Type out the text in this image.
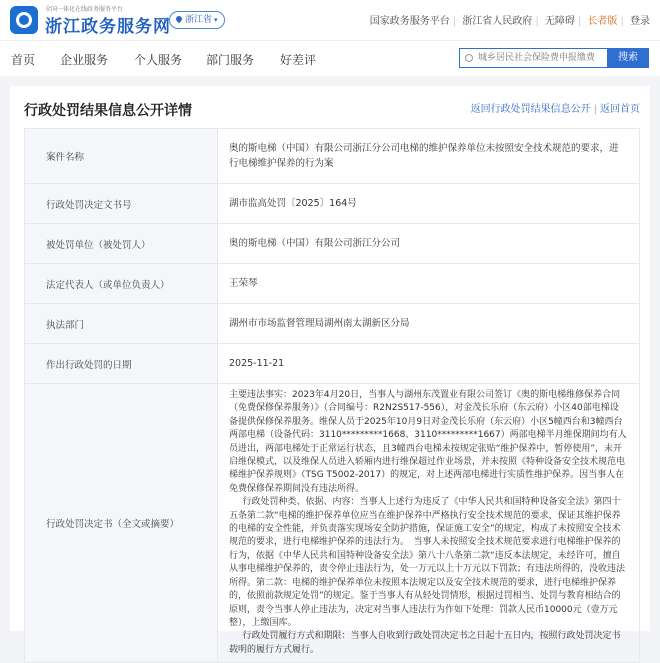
全国一体化在线政务服务平台
浙江政务服务网	浙江省 ▾	国家政务服务平台 | 浙江省人民政府 | 无障碍 | 长者版 | 登录
首页 企业服务 个人服务 部门服务 好差评
城乡居民社会保险费申报缴费	搜索
行政处罚结果信息公开详情	返回行政处罚结果信息公开 | 返回首页
案件名称	奥的斯电梯（中国）有限公司浙江分公司电梯的维护保养单位未按照安全技术规范的要求，进行电梯维护保养的行为案
行政处罚决定文书号	湖市监高处罚〔2025〕164号
被处罚单位（被处罚人）	奥的斯电梯（中国）有限公司浙江分公司
法定代表人（或单位负责人）	王荣琴
执法部门	湖州市市场监督管理局湖州南太湖新区分局
作出行政处罚的日期	2025-11-21
行政处罚决定书（全文或摘要）	主要违法事实：2023年4月20日，当事人与湖州东茂置业有限公司签订《奥的斯电梯维修保养合同（免费保修保养服务）》（合同编号：R2N2S517-556），对金茂长乐府（东云府）小区40部电梯设备提供保修保养服务。维保人员于2025年10月9日对金茂长乐府（东云府）小区5幢西台和3幢西台两部电梯（设备代码：3110*********1668、3110*********1667）两部电梯半月维保期间均有人员进出，两部电梯处于正常运行状态，且3幢西台电梯未按规定张贴“维护保养中，暂停使用”，未开启维保模式，以及维保人员进入轿厢内进行维保超过作业场景，并未按照《特种设备安全技术规范电梯维护保养规则》（TSG T5002-2017）的规定，对上述两部电梯进行实质性维护保养。因当事人在免费保修保养期间没有违法所得。

行政处罚种类、依据、内容：当事人上述行为违反了《中华人民共和国特种设备安全法》第四十五条第二款“电梯的维护保养单位应当在维护保养中严格执行安全技术规范的要求，保证其维护保养的电梯的安全性能，并负责落实现场安全防护措施，保证施工安全”的规定，构成了未按照安全技术规范的要求，进行电梯维护保养的违法行为。　当事人未按照安全技术规范要求进行电梯维护保养的行为，依据《中华人民共和国特种设备安全法》第八十八条第二款“违反本法规定，未经许可，擅自从事电梯维护保养的，责令停止违法行为，处一万元以上十万元以下罚款；有违法所得的，没收违法所得。第二款：电梯的维护保养单位未按照本法规定以及安全技术规范的要求，进行电梯维护保养的，依照前款规定处罚”的规定。鉴于当事人有从轻处罚情形，根据过罚相当、处罚与教育相结合的原则，责令当事人停止违法为，决定对当事人违法行为作如下处理：罚款人民币10000元（壹万元整），上缴国库。

行政处罚履行方式和期限：当事人自收到行政处罚决定书之日起十五日内，按照行政处罚决定书载明的履行方式履行。
